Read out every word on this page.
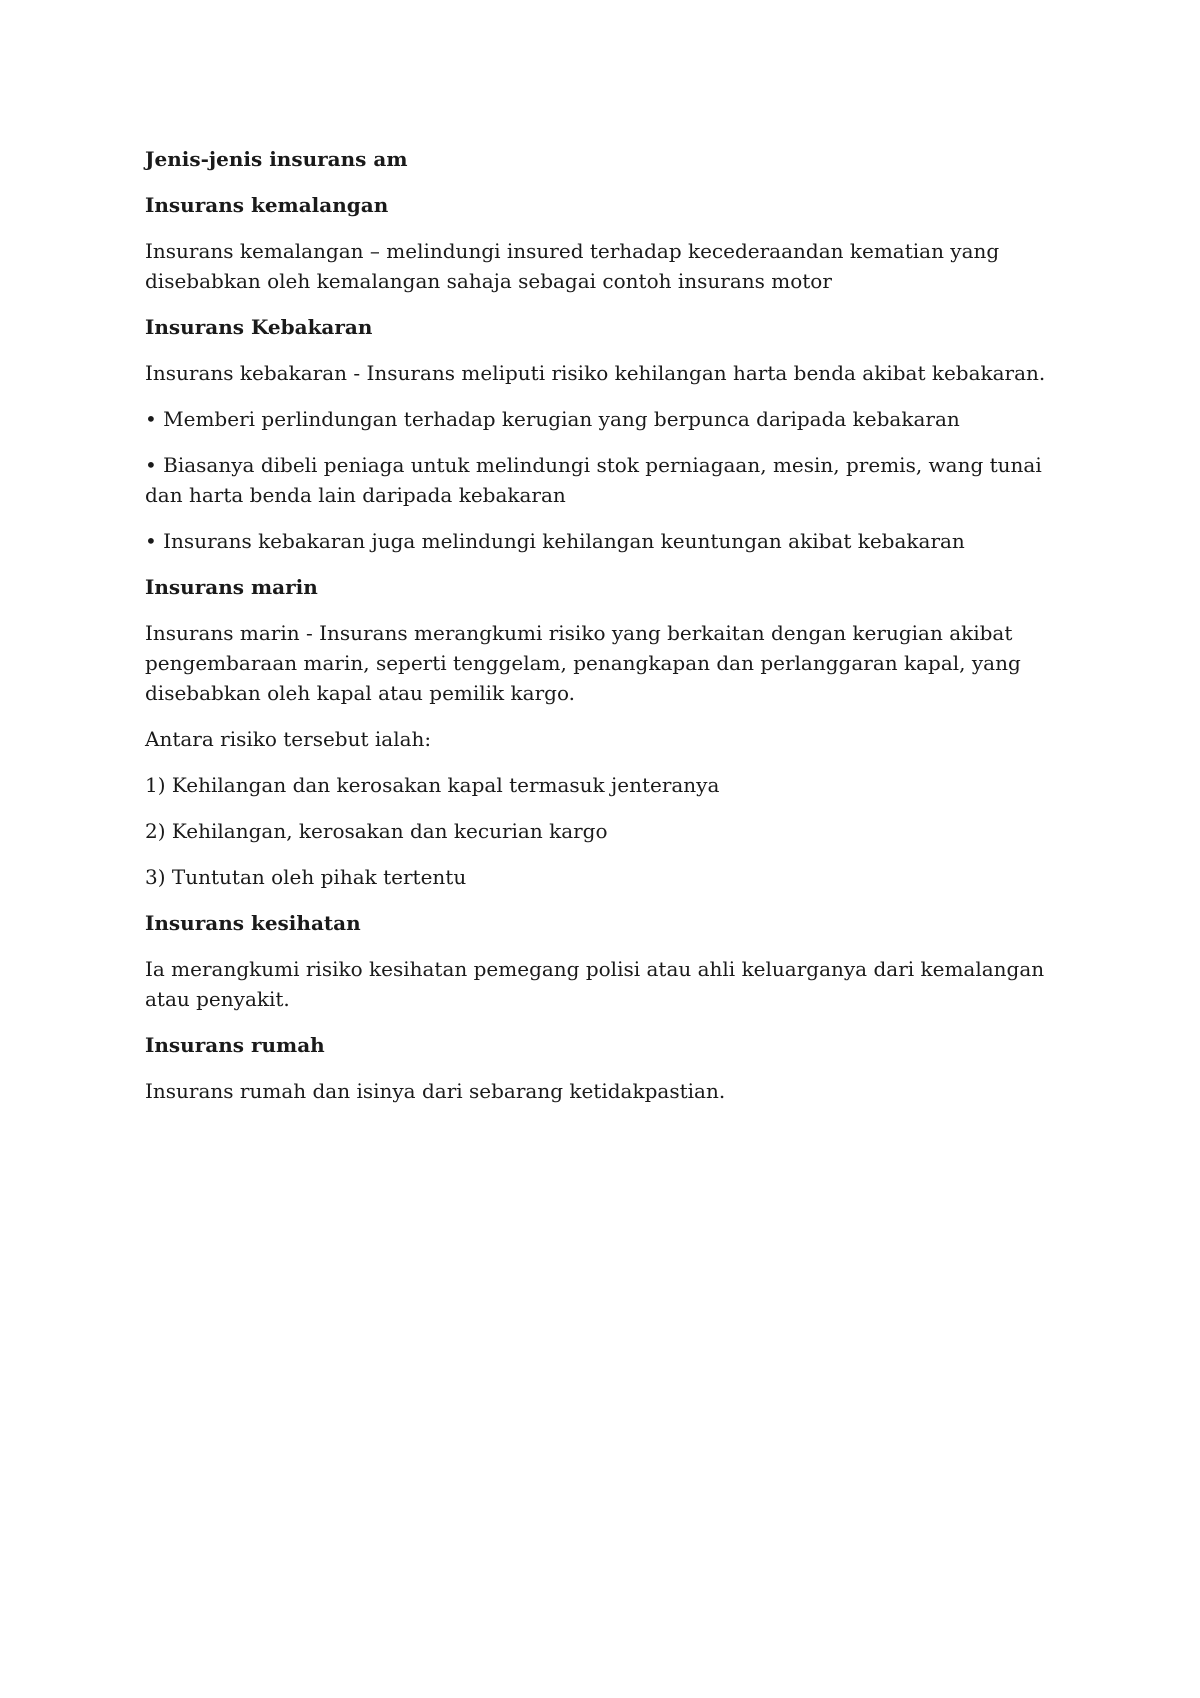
Jenis-jenis insurans am
Insurans kemalangan
Insurans kemalangan – melindungi insured terhadap kecederaandan kematian yang disebabkan oleh kemalangan sahaja sebagai contoh insurans motor
Insurans Kebakaran
Insurans kebakaran - Insurans meliputi risiko kehilangan harta benda akibat kebakaran.
• Memberi perlindungan terhadap kerugian yang berpunca daripada kebakaran
• Biasanya dibeli peniaga untuk melindungi stok perniagaan, mesin, premis, wang tunai dan harta benda lain daripada kebakaran
• Insurans kebakaran juga melindungi kehilangan keuntungan akibat kebakaran
Insurans marin
Insurans marin - Insurans merangkumi risiko yang berkaitan dengan kerugian akibat pengembaraan marin, seperti tenggelam, penangkapan dan perlanggaran kapal, yang disebabkan oleh kapal atau pemilik kargo.
Antara risiko tersebut ialah:
1) Kehilangan dan kerosakan kapal termasuk jenteranya
2) Kehilangan, kerosakan dan kecurian kargo
3) Tuntutan oleh pihak tertentu
Insurans kesihatan
Ia merangkumi risiko kesihatan pemegang polisi atau ahli keluarganya dari kemalangan atau penyakit.
Insurans rumah
Insurans rumah dan isinya dari sebarang ketidakpastian.
